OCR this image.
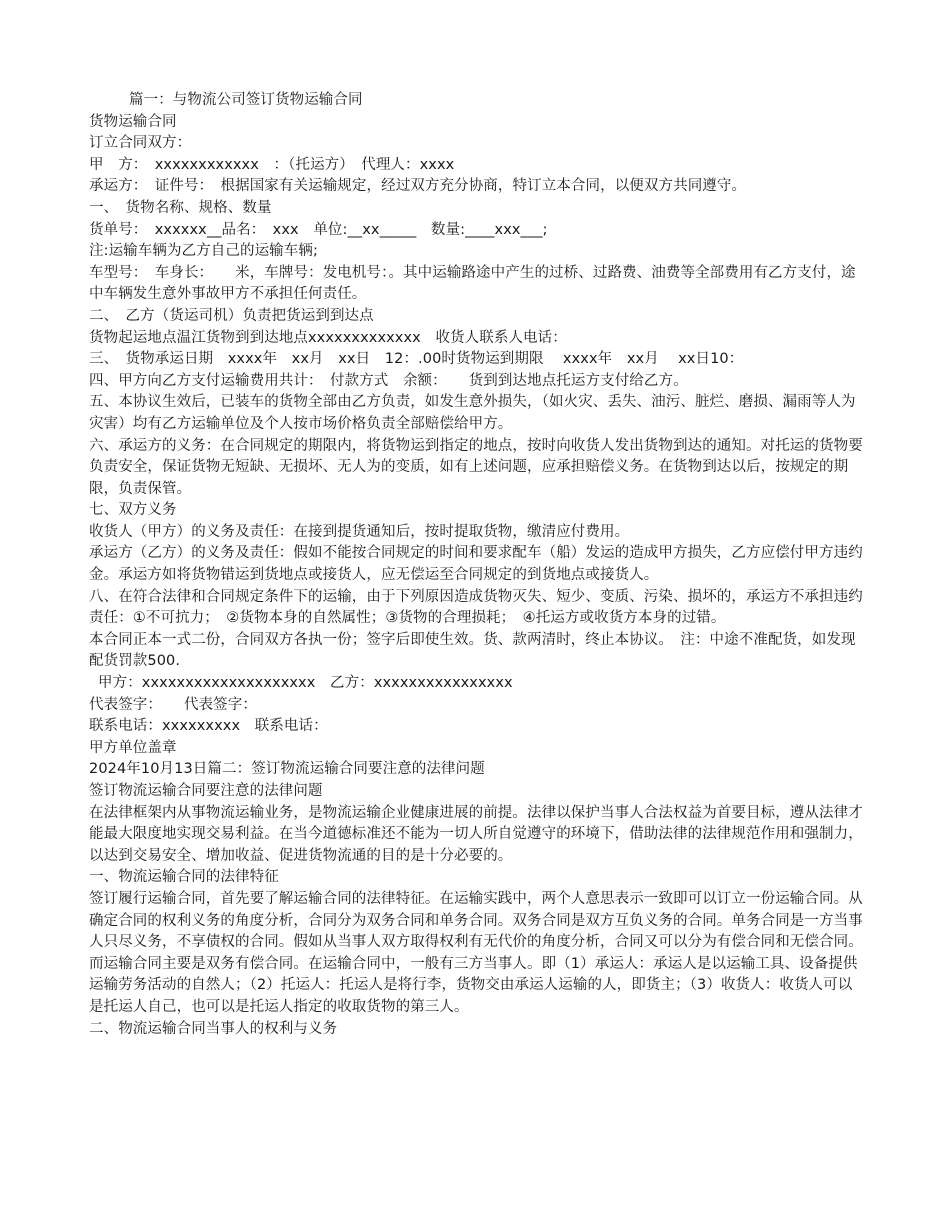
篇一：与物流公司签订货物运输合同

货物运输合同

订立合同双方：

甲　方：　xxxxxxxxxxxx　：（托运方）　代理人：xxxx

承运方：　证件号：　根据国家有关运输规定，经过双方充分协商，特订立本合同，以便双方共同遵守。

一、　货物名称、规格、数量

货单号：　xxxxxx__品名：　xxx　单位:__xx_____　数量:____xxx___;

注:运输车辆为乙方自己的运输车辆;

车型号：　车身长：　　米，车牌号：发电机号：。其中运输路途中产生的过桥、过路费、油费等全部费用有乙方支付，途中车辆发生意外事故甲方不承担任何责任。

二、　乙方（货运司机）负责把货运到到达点

货物起运地点温江货物到到达地点xxxxxxxxxxxxx　收货人联系人电话：

三、　货物承运日期　xxxx年　xx月　xx日　12：.00时货物运到期限　 xxxx年　xx月　 xx日10：

四、甲方向乙方支付运输费用共计：　付款方式　余额：　　货到到达地点托运方支付给乙方。

五、本协议生效后，已装车的货物全部由乙方负责，如发生意外损失，（如火灾、丢失、油污、脏烂、磨损、漏雨等人为灾害）均有乙方运输单位及个人按市场价格负责全部赔偿给甲方。

六、承运方的义务：在合同规定的期限内，将货物运到指定的地点，按时向收货人发出货物到达的通知。对托运的货物要负责安全，保证货物无短缺、无损坏、无人为的变质，如有上述问题，应承担赔偿义务。在货物到达以后，按规定的期限，负责保管。

七、双方义务

收货人（甲方）的义务及责任：在接到提货通知后，按时提取货物，缴清应付费用。

承运方（乙方）的义务及责任：假如不能按合同规定的时间和要求配车（船）发运的造成甲方损失，乙方应偿付甲方违约金。承运方如将货物错运到货地点或接货人，应无偿运至合同规定的到货地点或接货人。

八、在符合法律和合同规定条件下的运输，由于下列原因造成货物灭失、短少、变质、污染、损坏的，承运方不承担违约责任：①不可抗力；　②货物本身的自然属性；③货物的合理损耗；　④托运方或收货方本身的过错。

本合同正本一式二份，合同双方各执一份；签字后即使生效。货、款两清时，终止本协议。　注：中途不准配货，如发现配货罚款500.

甲方：xxxxxxxxxxxxxxxxxxxx　乙方：xxxxxxxxxxxxxxxx

代表签字：　　代表签字：

联系电话：xxxxxxxxx　联系电话：

甲方单位盖章

2024年10月13日篇二：签订物流运输合同要注意的法律问题

签订物流运输合同要注意的法律问题

在法律框架内从事物流运输业务，是物流运输企业健康进展的前提。法律以保护当事人合法权益为首要目标，遵从法律才能最大限度地实现交易利益。在当今道德标准还不能为一切人所自觉遵守的环境下，借助法律的法律规范作用和强制力，以达到交易安全、增加收益、促进货物流通的目的是十分必要的。

一、物流运输合同的法律特征

签订履行运输合同，首先要了解运输合同的法律特征。在运输实践中，两个人意思表示一致即可以订立一份运输合同。从确定合同的权利义务的角度分析，合同分为双务合同和单务合同。双务合同是双方互负义务的合同。单务合同是一方当事人只尽义务，不享债权的合同。假如从当事人双方取得权利有无代价的角度分析，合同又可以分为有偿合同和无偿合同。而运输合同主要是双务有偿合同。在运输合同中，一般有三方当事人。即（1）承运人：承运人是以运输工具、设备提供运输劳务活动的自然人；（2）托运人：托运人是将行李，货物交由承运人运输的人，即货主；（3）收货人：收货人可以是托运人自己，也可以是托运人指定的收取货物的第三人。

二、物流运输合同当事人的权利与义务
